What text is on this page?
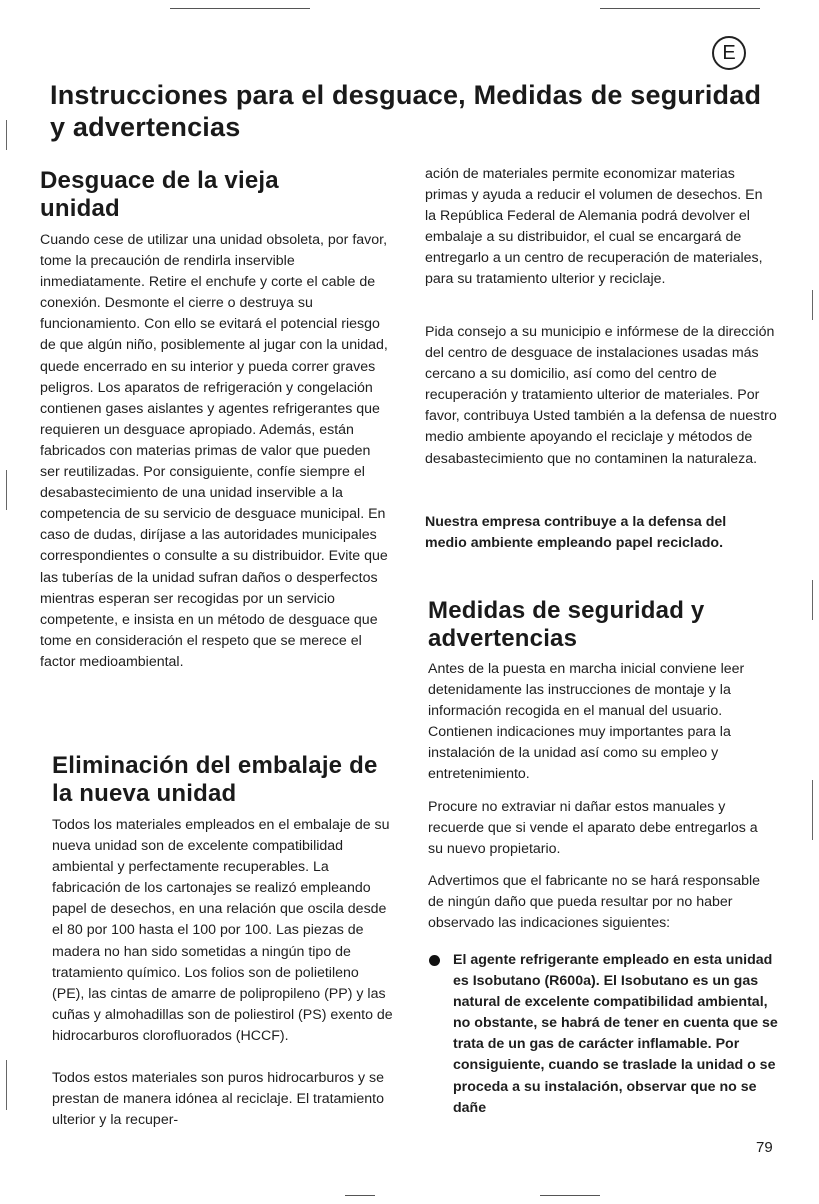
E
Instrucciones para el desguace, Medidas de seguridad y advertencias
Desguace de la vieja unidad

Cuando cese de utilizar una unidad obsoleta, por favor, tome la precaución de rendirla inservible inmediatamente. Retire el enchufe y corte el cable de conexión. Desmonte el cierre o destruya su funcionamiento. Con ello se evitará el potencial riesgo de que algún niño, posiblemente al jugar con la unidad, quede encerrado en su interior y pueda correr graves peligros. Los aparatos de refrigeración y congelación contienen gases aislantes y agentes refrigerantes que requieren un desguace apropiado. Además, están fabricados con materias primas de valor que pueden ser reutilizadas. Por consiguiente, confíe siempre el desabastecimiento de una unidad inservible a la competencia de su servicio de desguace municipal. En caso de dudas, diríjase a las autoridades municipales correspondientes o consulte a su distribuidor. Evite que las tuberías de la unidad sufran daños o desperfectos mientras esperan ser recogidas por un servicio competente, e insista en un método de desguace que tome en consideración el respeto que se merece el factor medioambiental.

Eliminación del embalaje de la nueva unidad

Todos los materiales empleados en el embalaje de su nueva unidad son de excelente compatibilidad ambiental y perfectamente recuperables. La fabricación de los cartonajes se realizó empleando papel de desechos, en una relación que oscila desde el 80 por 100 hasta el 100 por 100. Las piezas de madera no han sido sometidas a ningún tipo de tratamiento químico. Los folios son de polietileno (PE), las cintas de amarre de polipropileno (PP) y las cuñas y almohadillas son de poliestirol (PS) exento de hidrocarburos clorofluorados (HCCF).

Todos estos materiales son puros hidrocarburos y se prestan de manera idónea al reciclaje. El tratamiento ulterior y la recuper-

ación de materiales permite economizar materias primas y ayuda a reducir el volumen de desechos. En la República Federal de Alemania podrá devolver el embalaje a su distribuidor, el cual se encargará de entregarlo a un centro de recuperación de materiales, para su tratamiento ulterior y reciclaje.

Pida consejo a su municipio e infórmese de la dirección del centro de desguace de instalaciones usadas más cercano a su domicilio, así como del centro de recuperación y tratamiento ulterior de materiales. Por favor, contribuya Usted también a la defensa de nuestro medio ambiente apoyando el reciclaje y métodos de desabastecimiento que no contaminen la naturaleza.

Nuestra empresa contribuye a la defensa del medio ambiente empleando papel reciclado.

Medidas de seguridad y advertencias

Antes de la puesta en marcha inicial conviene leer detenidamente las instrucciones de montaje y la información recogida en el manual del usuario. Contienen indicaciones muy importantes para la instalación de la unidad así como su empleo y entretenimiento.

Procure no extraviar ni dañar estos manuales y recuerde que si vende el aparato debe entregarlos a su nuevo propietario.

Advertimos que el fabricante no se hará responsable de ningún daño que pueda resultar por no haber observado las indicaciones siguientes:

El agente refrigerante empleado en esta unidad es Isobutano (R600a). El Isobutano es un gas natural de excelente compatibilidad ambiental, no obstante, se habrá de tener en cuenta que se trata de un gas de carácter inflamable. Por consiguiente, cuando se traslade la unidad o se proceda a su instalación, observar que no se dañe

79
